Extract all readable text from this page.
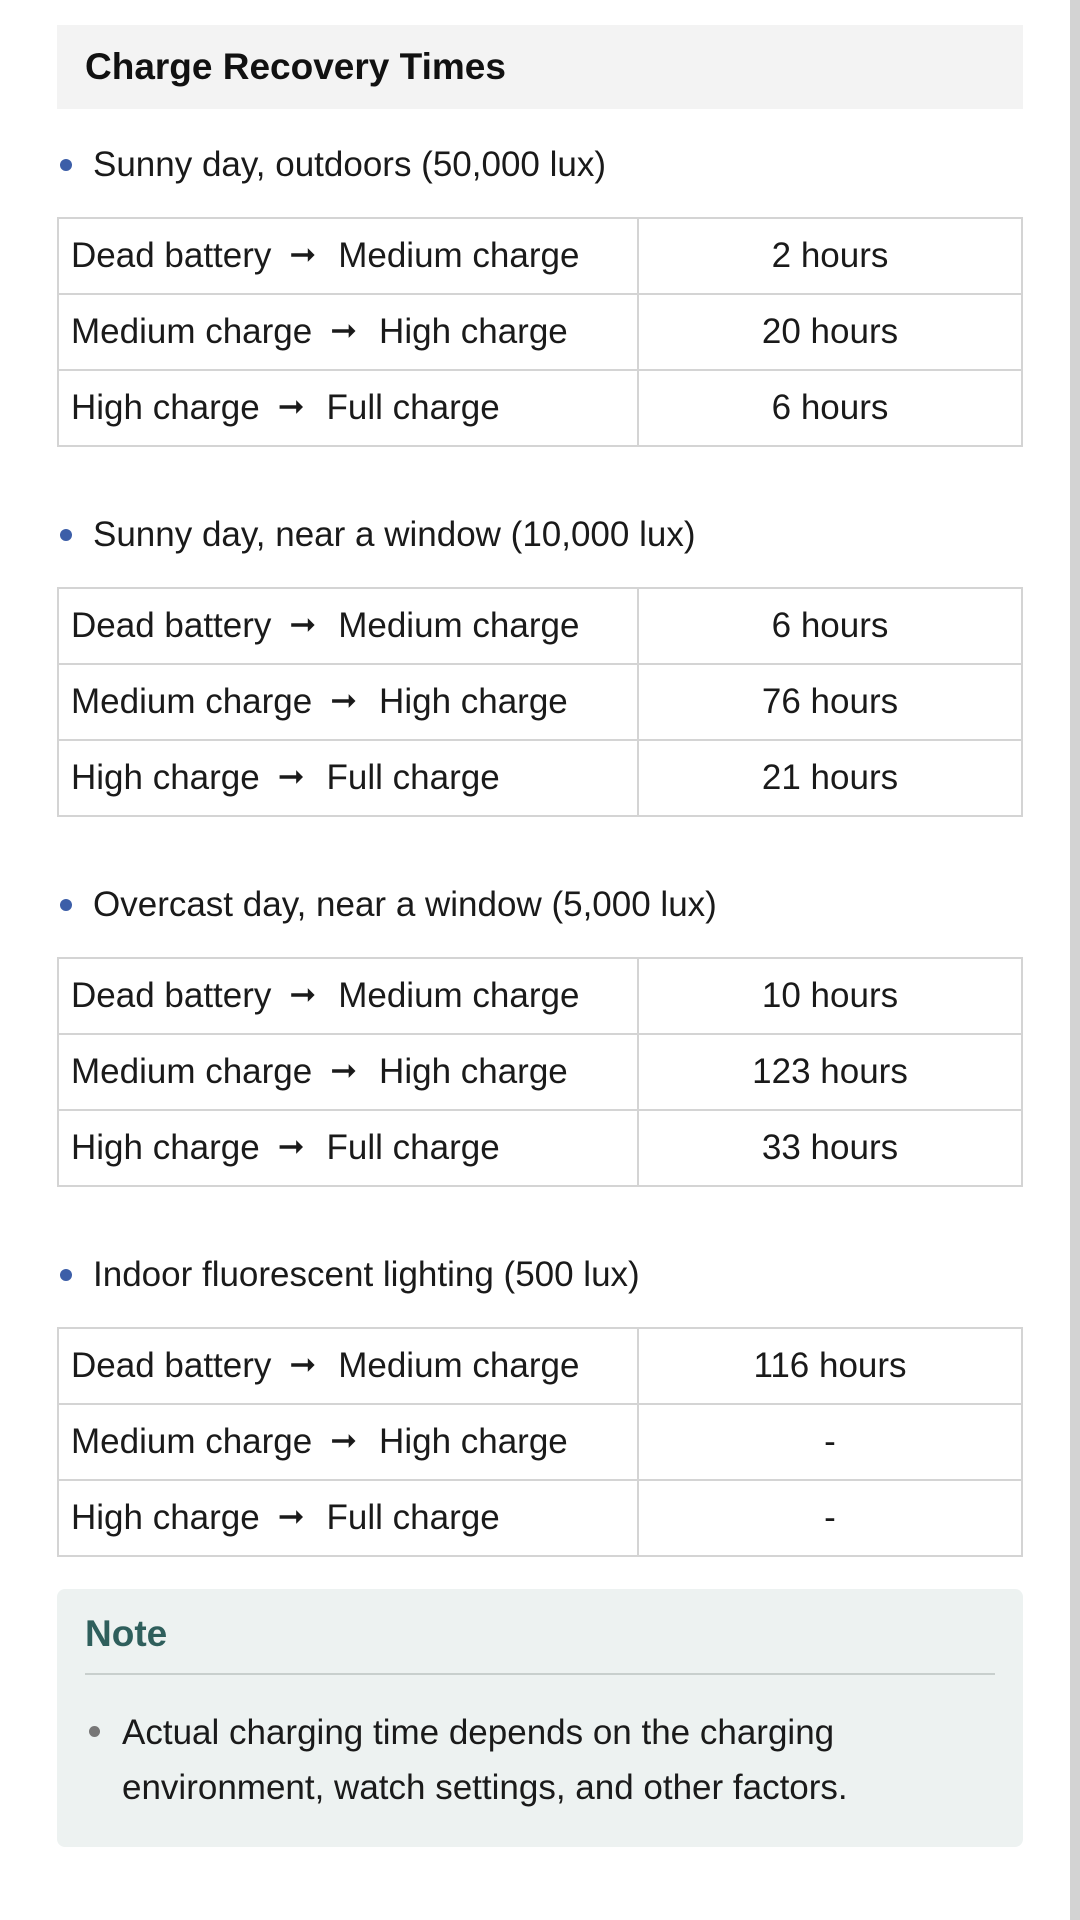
Charge Recovery Times
Sunny day, outdoors (50,000 lux)
Dead battery ➞ Medium charge	2 hours
Medium charge ➞ High charge	20 hours
High charge ➞ Full charge	6 hours
Sunny day, near a window (10,000 lux)
Dead battery ➞ Medium charge	6 hours
Medium charge ➞ High charge	76 hours
High charge ➞ Full charge	21 hours
Overcast day, near a window (5,000 lux)
Dead battery ➞ Medium charge	10 hours
Medium charge ➞ High charge	123 hours
High charge ➞ Full charge	33 hours
Indoor fluorescent lighting (500 lux)
Dead battery ➞ Medium charge	116 hours
Medium charge ➞ High charge	-
High charge ➞ Full charge	-
Note
Actual charging time depends on the charging environment, watch settings, and other factors.
